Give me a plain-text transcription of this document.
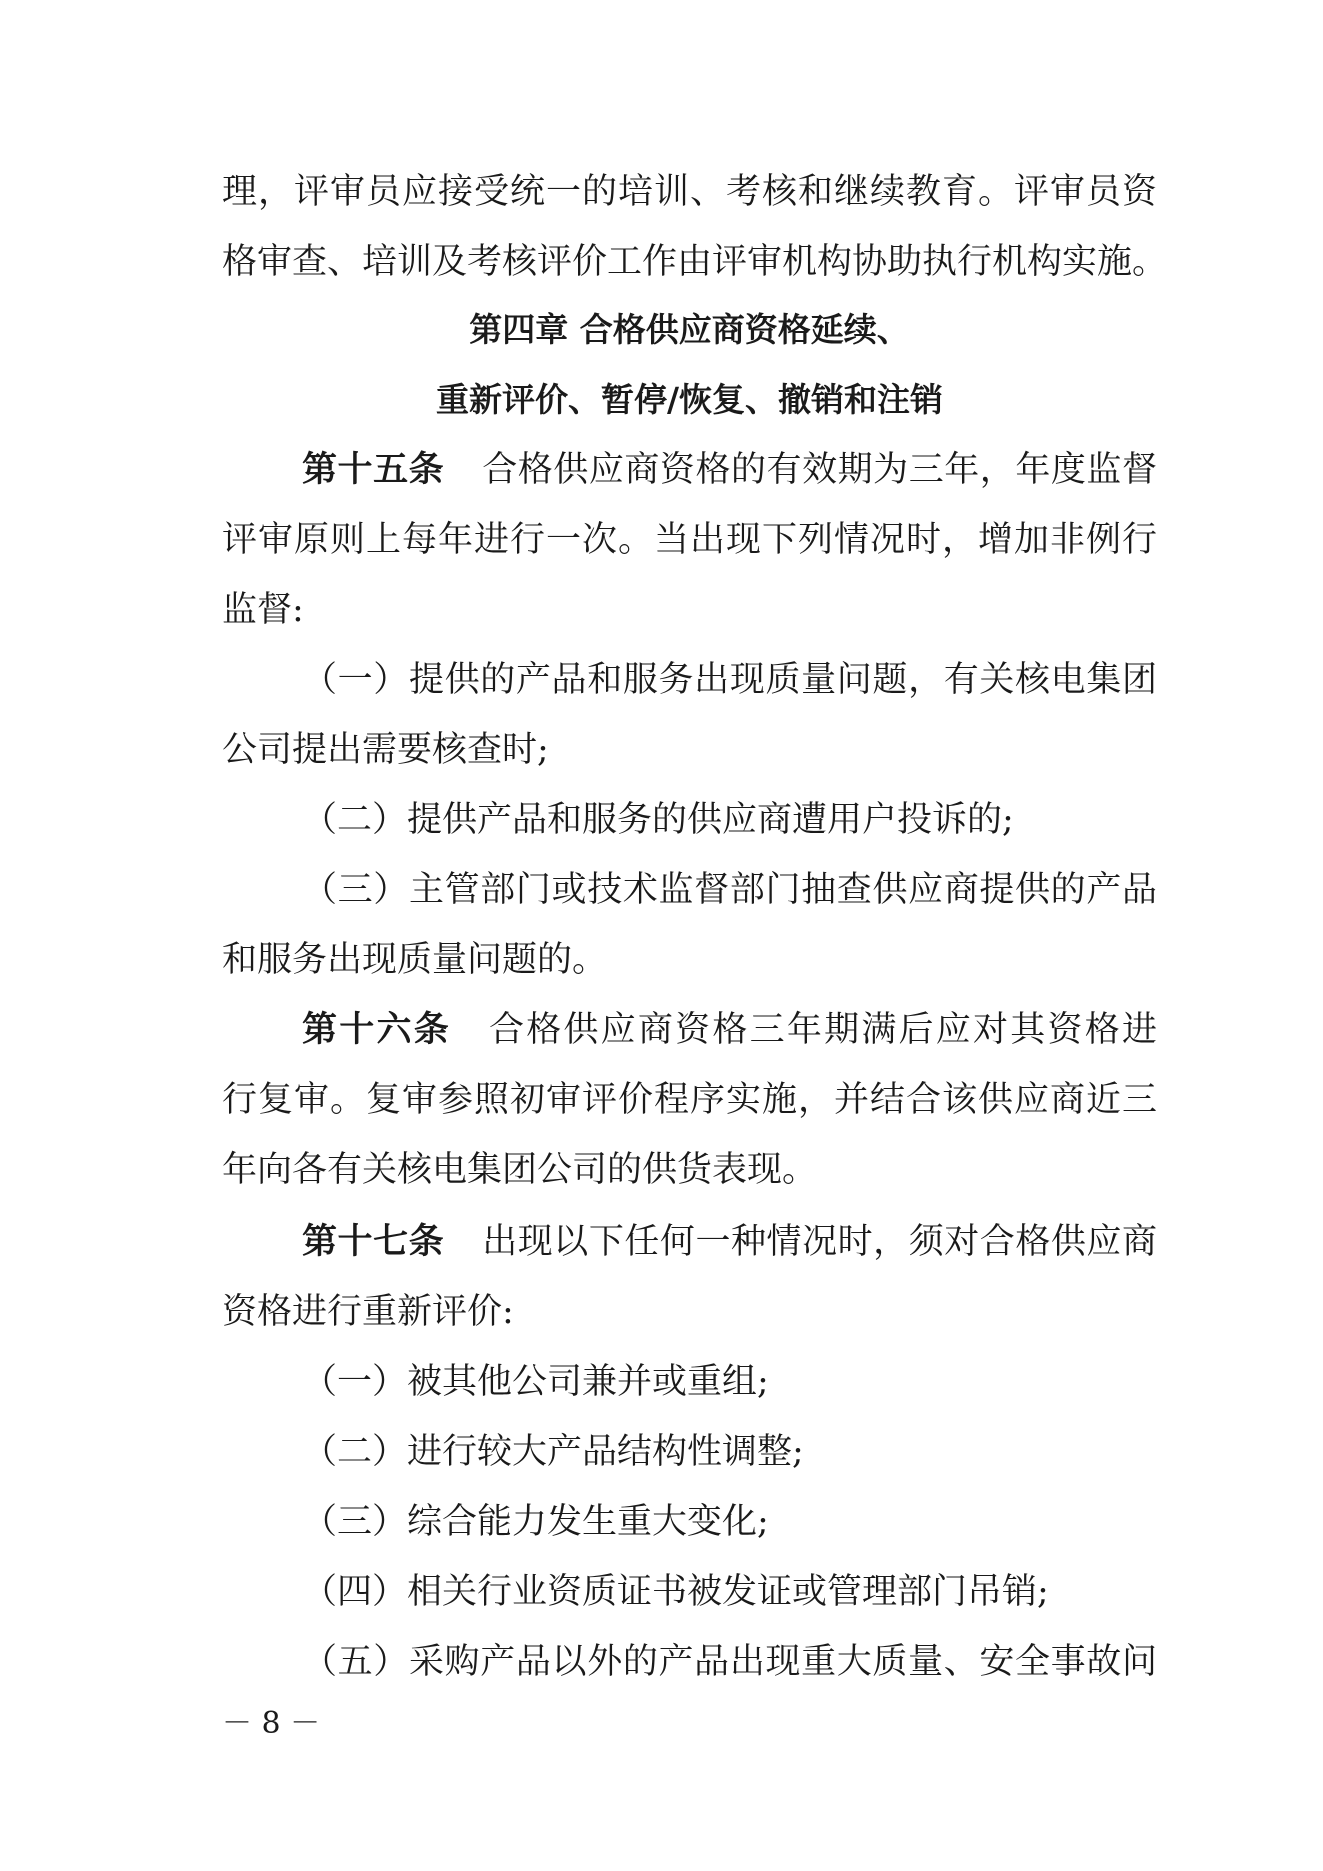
理，评审员应接受统一的培训、考核和继续教育。评审员资
格审查、培训及考核评价工作由评审机构协助执行机构实施。
第四章 合格供应商资格延续、
重新评价、暂停/恢复、撤销和注销
第十五条 合格供应商资格的有效期为三年，年度监督
评审原则上每年进行一次。当出现下列情况时，增加非例行
监督:
（一）提供的产品和服务出现质量问题，有关核电集团
公司提出需要核查时;
（二）提供产品和服务的供应商遭用户投诉的;
（三）主管部门或技术监督部门抽查供应商提供的产品
和服务出现质量问题的。
第十六条 合格供应商资格三年期满后应对其资格进
行复审。复审参照初审评价程序实施，并结合该供应商近三
年向各有关核电集团公司的供货表现。
第十七条 出现以下任何一种情况时，须对合格供应商
资格进行重新评价:
（一）被其他公司兼并或重组;
（二）进行较大产品结构性调整;
（三）综合能力发生重大变化;
（四）相关行业资质证书被发证或管理部门吊销;
（五）采购产品以外的产品出现重大质量、安全事故问
－ 8 －
